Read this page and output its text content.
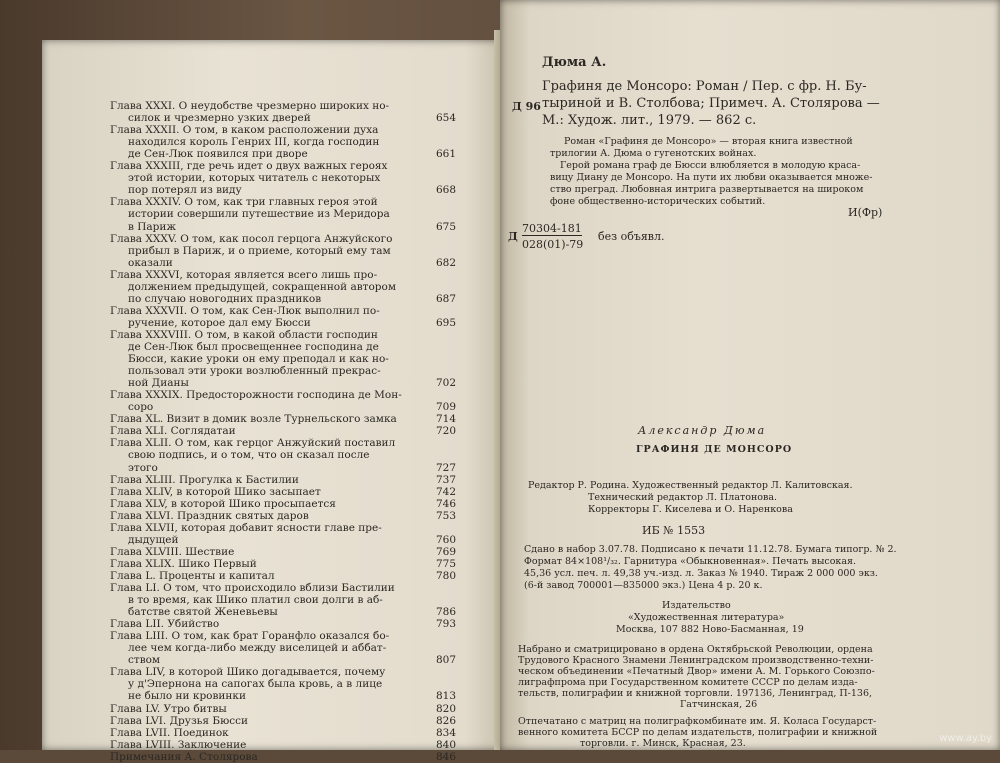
Глава XXXI. О неудобстве чрезмерно широких но-
силок и чрезмерно узких дверей	654
Глава XXXII. О том, в каком расположении духа
находился король Генрих III, когда господин
де Сен-Люк появился при дворе	661
Глава XXXIII, где речь идет о двух важных героях
этой истории, которых читатель с некоторых
пор потерял из виду	668
Глава XXXIV. О том, как три главных героя этой
истории совершили путешествие из Меридора
в Париж	675
Глава XXXV. О том, как посол герцога Анжуйского
прибыл в Париж, и о приеме, который ему там
оказали	682
Глава XXXVI, которая является всего лишь про-
должением предыдущей, сокращенной автором
по случаю новогодних праздников	687
Глава XXXVII. О том, как Сен-Люк выполнил по-
ручение, которое дал ему Бюсси	695
Глава XXXVIII. О том, в какой области господин
де Сен-Люк был просвещеннее господина де
Бюсси, какие уроки он ему преподал и как но-
пользовал эти уроки возлюбленный прекрас-
ной Дианы	702
Глава XXXIX. Предосторожности господина де Мон-
соро	709
Глава XL. Визит в домик возле Турнельского замка	714
Глава XLI. Соглядатаи	720
Глава XLII. О том, как герцог Анжуйский поставил
свою подпись, и о том, что он сказал после
этого	727
Глава XLIII. Прогулка к Бастилии	737
Глава XLIV, в которой Шико засыпает	742
Глава XLV, в которой Шико просыпается	746
Глава XLVI. Праздник святых даров	753
Глава XLVII, которая добавит ясности главе пре-
дыдущей	760
Глава XLVIII. Шествие	769
Глава XLIX. Шико Первый	775
Глава L. Проценты и капитал	780
Глава LI. О том, что происходило вблизи Бастилии
в то время, как Шико платил свои долги в аб-
батстве святой Женевьевы	786
Глава LII. Убийство	793
Глава LIII. О том, как брат Горанфло оказался бо-
лее чем когда-либо между виселицей и аббат-
ством	807
Глава LIV, в которой Шико догадывается, почему
у д'Эпернона на сапогах была кровь, а в лице
не было ни кровинки	813
Глава LV. Утро битвы	820
Глава LVI. Друзья Бюсси	826
Глава LVII. Поединок	834
Глава LVIII. Заключение	840
Примечания А. Столярова	846
Дюма А.
Д 96
Графиня де Монсоро: Роман / Пер. с фр. Н. Бу-
тыриной и В. Столбова; Примеч. А. Столярова —
М.: Худож. лит., 1979. — 862 с.
Роман «Графиня де Монсоро» — вторая книга известной
трилогии А. Дюма о гугенотских войнах.
Герой романа граф де Бюсси влюбляется в молодую краса-
вицу Диану де Монсоро. На пути их любви оказывается множе-
ство преград. Любовная интрига развертывается на широком
фоне общественно-исторических событий.
И(Фр)
Д
70304-181
028(01)-79
без объявл.
Александр Дюма
ГРАФИНЯ ДЕ МОНСОРО
Редактор Р. Родина. Художественный редактор Л. Калитовская.
Технический редактор Л. Платонова.
Корректоры Г. Киселева и О. Наренкова
ИБ № 1553
Сдано в набор 3.07.78. Подписано к печати 11.12.78. Бумага типогр. № 2.
Формат 84×108¹/₃₂. Гарнитура «Обыкновенная». Печать высокая.
45,36 усл. печ. л. 49,38 уч.-изд. л. Заказ № 1940. Тираж 2 000 000 экз.
(6-й завод 700001—835000 экз.) Цена 4 р. 20 к.
Издательство
«Художественная литература»
Москва, 107 882 Ново-Басманная, 19
Набрано и сматрицировано в ордена Октябрьской Революции, ордена
Трудового Красного Знамени Ленинградском производственно-техни-
ческом объединении «Печатный Двор» имени А. М. Горького Союзпо-
лиграфпрома при Государственном комитете СССР по делам изда-
тельств, полиграфии и книжной торговли. 197136, Ленинград, П-136,
Гатчинская, 26
Отпечатано с матриц на полиграфкомбинате им. Я. Коласа Государст-
венного комитета БССР по делам издательств, полиграфии и книжной
торговли. г. Минск, Красная, 23.	www.ay.by
